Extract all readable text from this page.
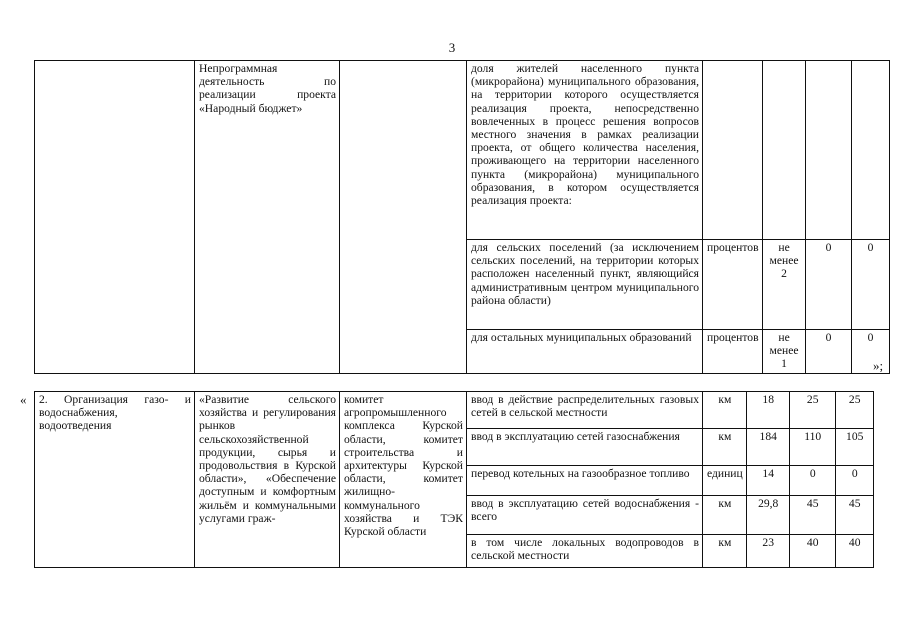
3
	Непрограммная деятельность по реализации проекта «Народный бюджет»		доля жителей населенного пункта (микрорайона) муниципального образования, на территории которого осуществляется реализация проекта, непосредственно вовлеченных в процесс решения вопросов местного значения в рамках реализации проекта, от общего количества населения, проживающего на территории населенного пункта (микрорайона) муниципального образования, в котором осуществляется реализация проекта:				
			для сельских поселений (за исключением сельских поселений, на территории которых расположен населенный пункт, являющийся административным центром муниципального района области)	процентов	не менее 2	0	0
			для остальных муниципальных образований	процентов	не менее 1	0	0
»;
« 2. Организация газо- и водоснабжения, водоотведения	«Развитие сельского хозяйства и регулирования рынков сельскохозяйственной продукции, сырья и продовольствия в Курской области», «Обеспечение доступным и комфортным жильём и коммунальными услугами граж-	комитет агропромышленного комплекса Курской области, комитет строительства и архитектуры Курской области, комитет жилищно-коммунального хозяйства и ТЭК Курской области	ввод в действие распределительных газовых сетей в сельской местности	км	18	25	25
			ввод в эксплуатацию сетей газоснабжения	км	184	110	105
			перевод котельных на газообразное топливо	единиц	14	0	0
			ввод в эксплуатацию сетей водоснабжения - всего	км	29,8	45	45
			в том числе локальных водопроводов в сельской местности	км	23	40	40
